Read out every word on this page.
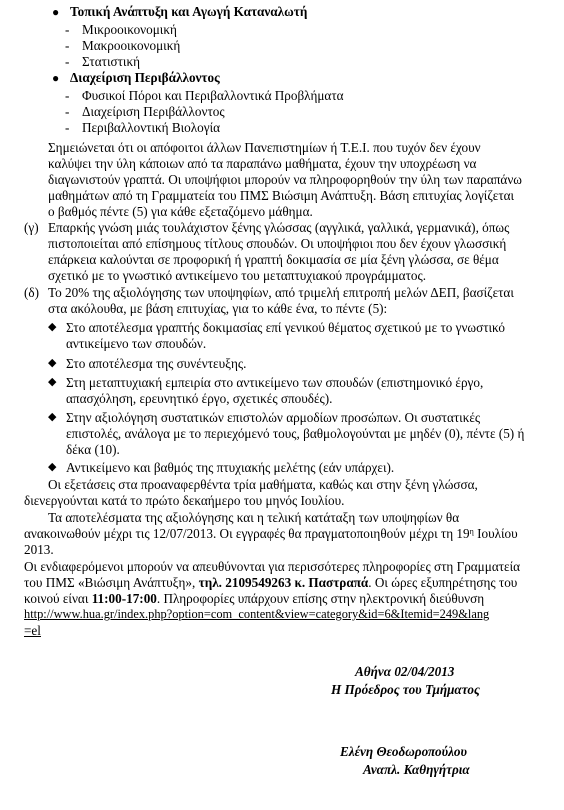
● Τοπική Ανάπτυξη και Αγωγή Καταναλωτή
- Μικροοικονομική
- Μακροοικονομική
- Στατιστική
● Διαχείριση Περιβάλλοντος
- Φυσικοί Πόροι και Περιβαλλοντικά Προβλήματα
- Διαχείριση Περιβάλλοντος
- Περιβαλλοντική Βιολογία
Σημειώνεται ότι οι απόφοιτοι άλλων Πανεπιστημίων ή Τ.Ε.Ι. που τυχόν δεν έχουν
καλύψει την ύλη κάποιων από τα παραπάνω μαθήματα, έχουν την υποχρέωση να
διαγωνιστούν γραπτά. Οι υποψήφιοι μπορούν να πληροφορηθούν την ύλη των παραπάνω
μαθημάτων από τη Γραμματεία του ΠΜΣ Βιώσιμη Ανάπτυξη. Βάση επιτυχίας λογίζεται
ο βαθμός πέντε (5) για κάθε εξεταζόμενο μάθημα.
(γ) Επαρκής γνώση μιάς τουλάχιστον ξένης γλώσσας (αγγλικά, γαλλικά, γερμανικά), όπως
πιστοποιείται από επίσημους τίτλους σπουδών. Οι υποψήφιοι που δεν έχουν γλωσσική
επάρκεια καλούνται σε προφορική ή γραπτή δοκιμασία σε μία ξένη γλώσσα, σε θέμα
σχετικό με το γνωστικό αντικείμενο του μεταπτυχιακού προγράμματος.
(δ) Το 20% της αξιολόγησης των υποψηφίων, από τριμελή επιτροπή μελών ΔΕΠ, βασίζεται
στα ακόλουθα, με βάση επιτυχίας, για το κάθε ένα, το πέντε (5):
◆ Στο αποτέλεσμα γραπτής δοκιμασίας επί γενικού θέματος σχετικού με το γνωστικό
αντικείμενο των σπουδών.
◆ Στο αποτέλεσμα της συνέντευξης.
◆ Στη μεταπτυχιακή εμπειρία στο αντικείμενο των σπουδών (επιστημονικό έργο,
απασχόληση, ερευνητικό έργο, σχετικές σπουδές).
◆ Στην αξιολόγηση συστατικών επιστολών αρμοδίων προσώπων. Οι συστατικές
επιστολές, ανάλογα με το περιεχόμενό τους, βαθμολογούνται με μηδέν (0), πέντε (5) ή
δέκα (10).
◆ Αντικείμενο και βαθμός της πτυχιακής μελέτης (εάν υπάρχει).
Οι εξετάσεις στα προαναφερθέντα τρία μαθήματα, καθώς και στην ξένη γλώσσα,
διενεργούνται κατά το πρώτο δεκαήμερο του μηνός Ιουλίου.
Τα αποτελέσματα της αξιολόγησης και η τελική κατάταξη των υποψηφίων θα
ανακοινωθούν μέχρι τις 12/07/2013. Οι εγγραφές θα πραγματοποιηθούν μέχρι τη $19^\eta$ Ιουλίου
2013.
Οι ενδιαφερόμενοι μπορούν να απευθύνονται για περισσότερες πληροφορίες στη Γραμματεία
του ΠΜΣ «Βιώσιμη Ανάπτυξη», τηλ. 2109549263 κ. Παστραπά. Οι ώρες εξυπηρέτησης του
κοινού είναι 11:00-17:00. Πληροφορίες υπάρχουν επίσης στην ηλεκτρονική διεύθυνση
http://www.hua.gr/index.php?option=com_content&view=category&id=6&Itemid=249&lang
=el
Αθήνα 02/04/2013
Η Πρόεδρος του Τμήματος
Ελένη Θεοδωροπούλου
Αναπλ. Καθηγήτρια
